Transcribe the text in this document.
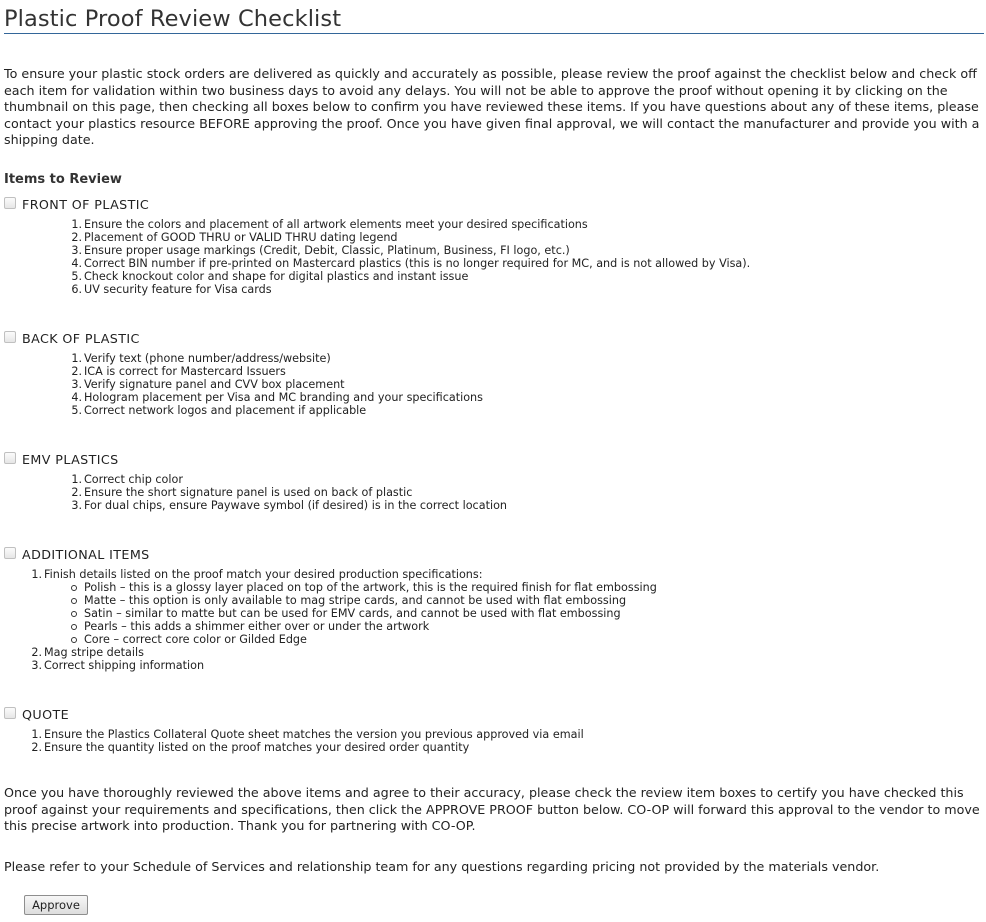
Plastic Proof Review Checklist
To ensure your plastic stock orders are delivered as quickly and accurately as possible, please review the proof against the checklist below and check off each item for validation within two business days to avoid any delays. You will not be able to approve the proof without opening it by clicking on the thumbnail on this page, then checking all boxes below to confirm you have reviewed these items. If you have questions about any of these items, please contact your plastics resource BEFORE approving the proof. Once you have given final approval, we will contact the manufacturer and provide you with a shipping date.
Items to Review
FRONT OF PLASTIC
Ensure the colors and placement of all artwork elements meet your desired specifications
Placement of GOOD THRU or VALID THRU dating legend
Ensure proper usage markings (Credit, Debit, Classic, Platinum, Business, FI logo, etc.)
Correct BIN number if pre-printed on Mastercard plastics (this is no longer required for MC, and is not allowed by Visa).
Check knockout color and shape for digital plastics and instant issue
UV security feature for Visa cards
BACK OF PLASTIC
Verify text (phone number/address/website)
ICA is correct for Mastercard Issuers
Verify signature panel and CVV box placement
Hologram placement per Visa and MC branding and your specifications
Correct network logos and placement if applicable
EMV PLASTICS
Correct chip color
Ensure the short signature panel is used on back of plastic
For dual chips, ensure Paywave symbol (if desired) is in the correct location
ADDITIONAL ITEMS
Finish details listed on the proof match your desired production specifications:
Polish – this is a glossy layer placed on top of the artwork, this is the required finish for flat embossing
Matte – this option is only available to mag stripe cards, and cannot be used with flat embossing
Satin – similar to matte but can be used for EMV cards, and cannot be used with flat embossing
Pearls – this adds a shimmer either over or under the artwork
Core – correct core color or Gilded Edge
Mag stripe details
Correct shipping information
QUOTE
Ensure the Plastics Collateral Quote sheet matches the version you previous approved via email
Ensure the quantity listed on the proof matches your desired order quantity
Once you have thoroughly reviewed the above items and agree to their accuracy, please check the review item boxes to certify you have checked this proof against your requirements and specifications, then click the APPROVE PROOF button below. CO-OP will forward this approval to the vendor to move this precise artwork into production. Thank you for partnering with CO-OP.
Please refer to your Schedule of Services and relationship team for any questions regarding pricing not provided by the materials vendor.
Approve
